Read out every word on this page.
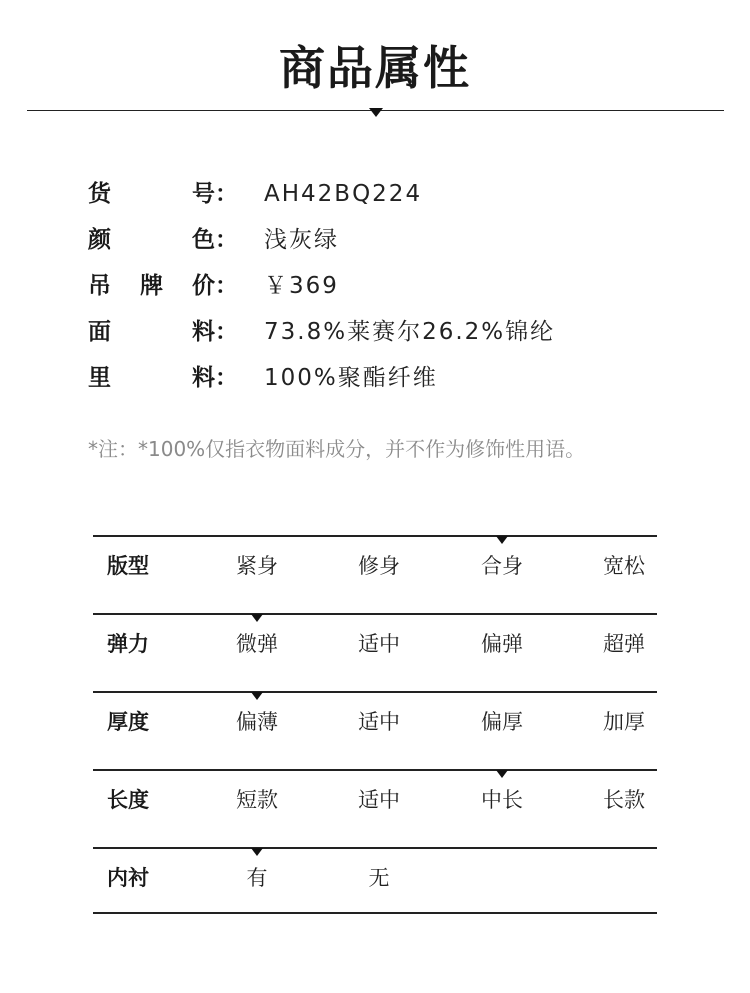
商品属性
货	号： AH42BQ224
颜	色： 浅灰绿
吊 牌 价： ￥369
面	料： 73.8%莱赛尔26.2%锦纶
里	料： 100%聚酯纤维
*注：*100%仅指衣物面料成分，并不作为修饰性用语。
版型	紧身	修身	合身	宽松
弹力	微弹	适中	偏弹	超弹
厚度	偏薄	适中	偏厚	加厚
长度	短款	适中	中长	长款
内衬	有	无
